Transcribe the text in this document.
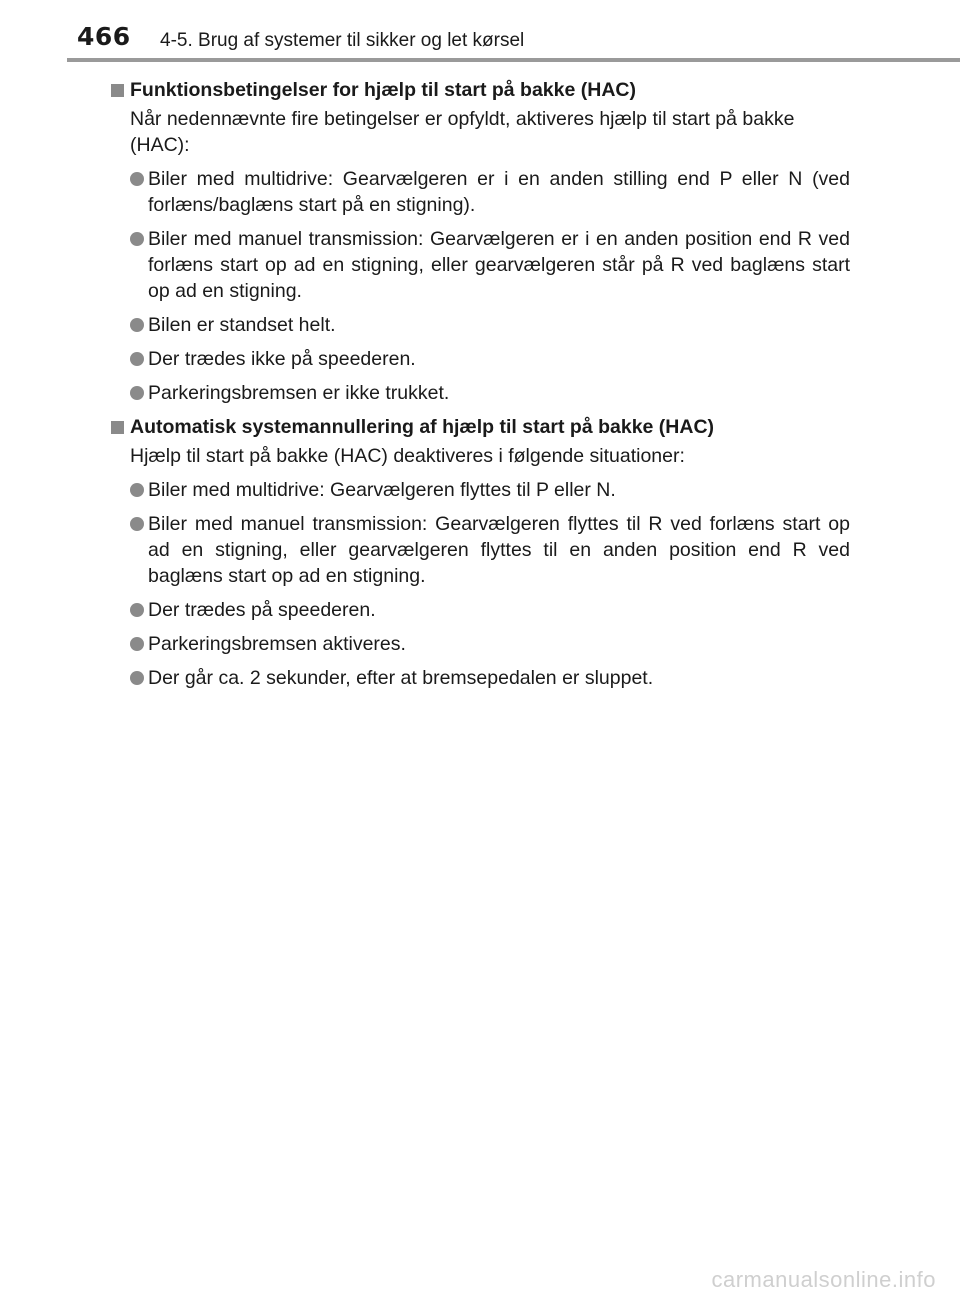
466 4-5. Brug af systemer til sikker og let kørsel
Funktionsbetingelser for hjælp til start på bakke (HAC)
Når nedennævnte fire betingelser er opfyldt, aktiveres hjælp til start på bakke (HAC):
Biler med multidrive: Gearvælgeren er i en anden stilling end P eller N (ved forlæns/baglæns start på en stigning).
Biler med manuel transmission: Gearvælgeren er i en anden position end R ved forlæns start op ad en stigning, eller gearvælgeren står på R ved baglæns start op ad en stigning.
Bilen er standset helt.
Der trædes ikke på speederen.
Parkeringsbremsen er ikke trukket.
Automatisk systemannullering af hjælp til start på bakke (HAC)
Hjælp til start på bakke (HAC) deaktiveres i følgende situationer:
Biler med multidrive: Gearvælgeren flyttes til P eller N.
Biler med manuel transmission: Gearvælgeren flyttes til R ved forlæns start op ad en stigning, eller gearvælgeren flyttes til en anden position end R ved baglæns start op ad en stigning.
Der trædes på speederen.
Parkeringsbremsen aktiveres.
Der går ca. 2 sekunder, efter at bremsepedalen er sluppet.
carmanualsonline.info
